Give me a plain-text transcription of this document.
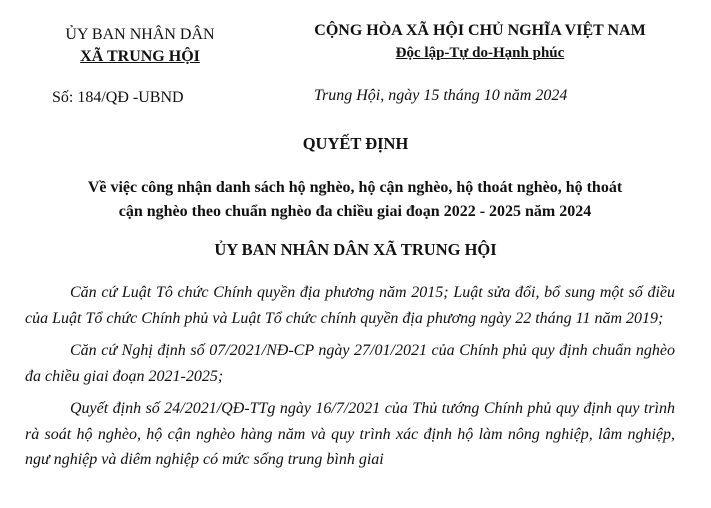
ỦY BAN NHÂN DÂN
XÃ TRUNG HỘI
CỘNG HÒA XÃ HỘI CHỦ NGHĨA VIỆT NAM
Độc lập-Tự do-Hạnh phúc
Số: 184/QĐ -UBND	Trung Hội, ngày 15 tháng 10 năm 2024
QUYẾT ĐỊNH
Về việc công nhận danh sách hộ nghèo, hộ cận nghèo, hộ thoát nghèo, hộ thoát
cận nghèo theo chuẩn nghèo đa chiều giai đoạn 2022 - 2025 năm 2024
ỦY BAN NHÂN DÂN XÃ TRUNG HỘI

Căn cứ Luật Tô chức Chính quyền địa phương năm 2015; Luật sửa đổi, bổ sung một số điều của Luật Tổ chức Chính phủ và Luật Tổ chức chính quyền địa phương ngày 22 tháng 11 năm 2019;

Căn cứ Nghị định số 07/2021/NĐ-CP ngày 27/01/2021 của Chính phủ quy định chuẩn nghèo đa chiều giai đoạn 2021-2025;

Quyết định số 24/2021/QĐ-TTg ngày 16/7/2021 của Thủ tướng Chính phủ quy định quy trình rà soát hộ nghèo, hộ cận nghèo hàng năm và quy trình xác định hộ làm nông nghiệp, lâm nghiệp, ngư nghiệp và diêm nghiệp có mức sống trung bình giai
